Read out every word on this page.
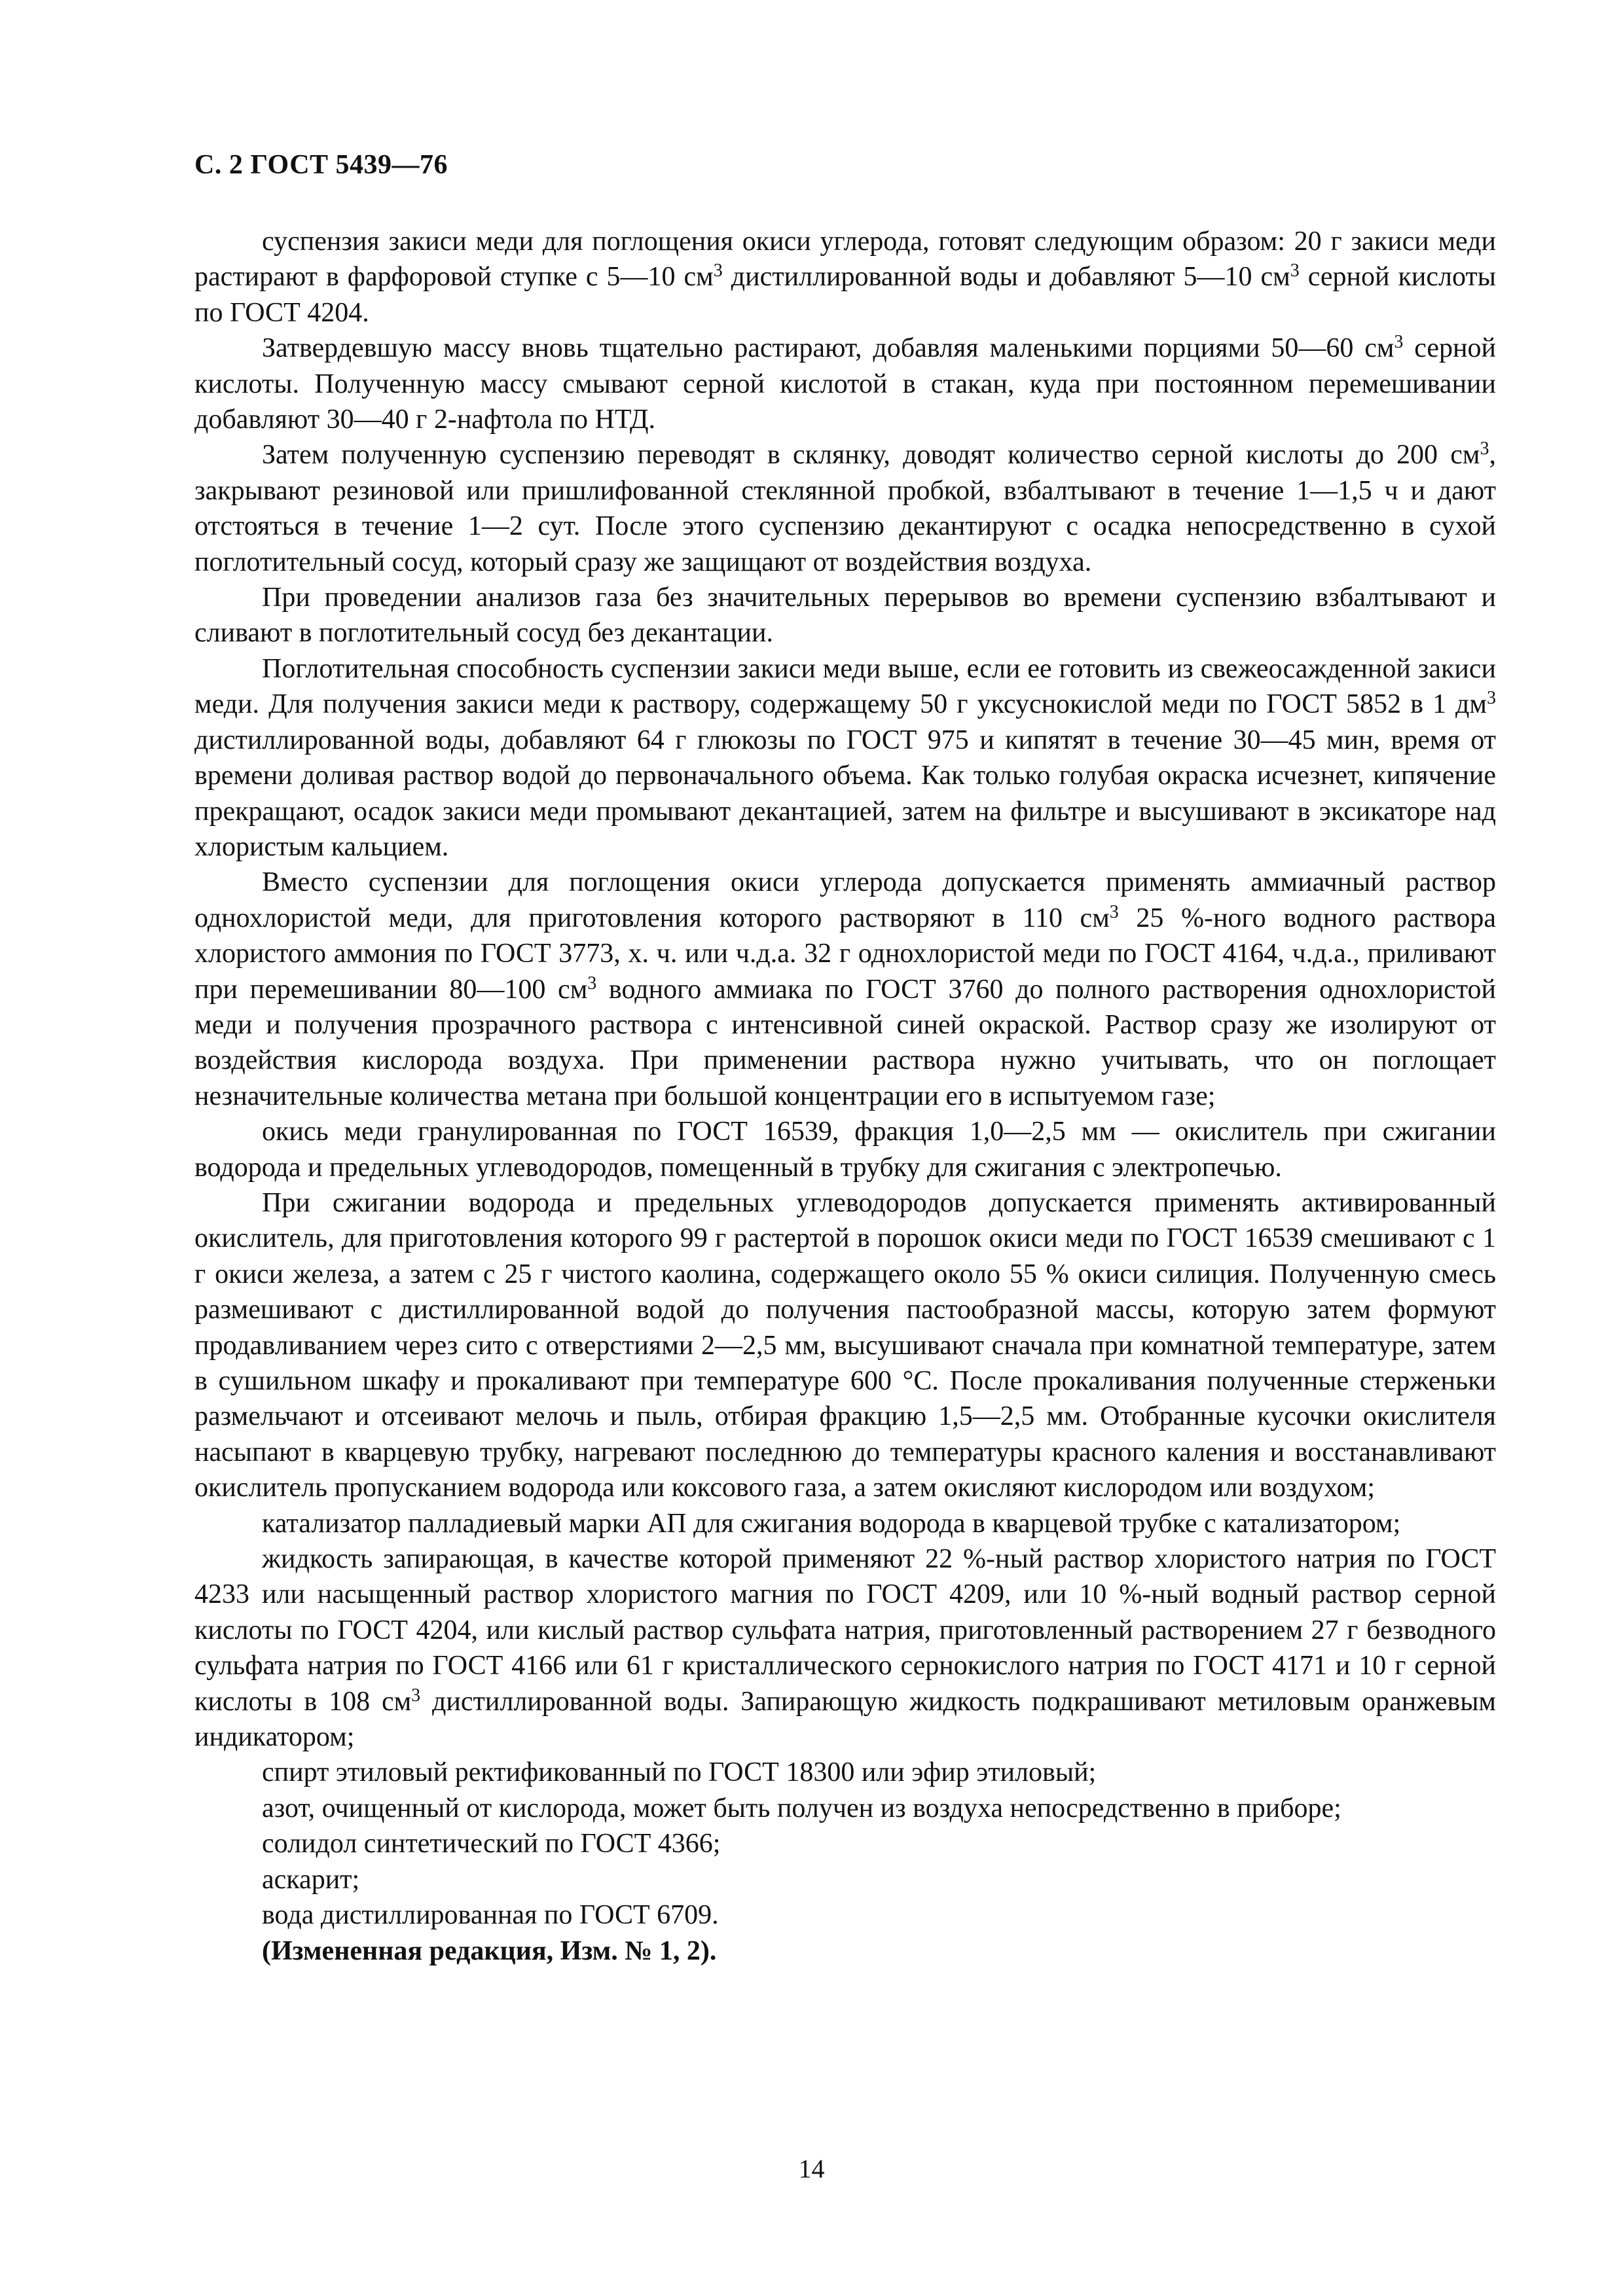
С. 2 ГОСТ 5439—76

суспензия закиси меди для поглощения окиси углерода, готовят следующим образом: 20 г закиси меди растирают в фарфоровой ступке с 5—10 $см^3$ дистиллированной воды и добавляют 5—10 $см^3$ серной кислоты по ГОСТ 4204.

Затвердевшую массу вновь тщательно растирают, добавляя маленькими порциями 50—60 $см^3$ серной кислоты. Полученную массу смывают серной кислотой в стакан, куда при постоянном перемешивании добавляют 30—40 г 2-нафтола по НТД.

Затем полученную суспензию переводят в склянку, доводят количество серной кислоты до 200 $см^3$, закрывают резиновой или пришлифованной стеклянной пробкой, взбалтывают в течение 1—1,5 ч и дают отстояться в течение 1—2 сут. После этого суспензию декантируют с осадка непосредственно в сухой поглотительный сосуд, который сразу же защищают от воздействия воздуха.

При проведении анализов газа без значительных перерывов во времени суспензию взбалтывают и сливают в поглотительный сосуд без декантации.

Поглотительная способность суспензии закиси меди выше, если ее готовить из свежеосажденной закиси меди. Для получения закиси меди к раствору, содержащему 50 г уксуснокислой меди по ГОСТ 5852 в 1 $дм^3$ дистиллированной воды, добавляют 64 г глюкозы по ГОСТ 975 и кипятят в течение 30—45 мин, время от времени доливая раствор водой до первоначального объема. Как только голубая окраска исчезнет, кипячение прекращают, осадок закиси меди промывают декантацией, затем на фильтре и высушивают в эксикаторе над хлористым кальцием.

Вместо суспензии для поглощения окиси углерода допускается применять аммиачный раствор однохлористой меди, для приготовления которого растворяют в 110 $см^3$ 25 %-ного водного раствора хлористого аммония по ГОСТ 3773, х. ч. или ч.д.а. 32 г однохлористой меди по ГОСТ 4164, ч.д.а., приливают при перемешивании 80—100 $см^3$ водного аммиака по ГОСТ 3760 до полного растворения однохлористой меди и получения прозрачного раствора с интенсивной синей окраской. Раствор сразу же изолируют от воздействия кислорода воздуха. При применении раствора нужно учитывать, что он поглощает незначительные количества метана при большой концентрации его в испытуемом газе;

окись меди гранулированная по ГОСТ 16539, фракция 1,0—2,5 мм — окислитель при сжигании водорода и предельных углеводородов, помещенный в трубку для сжигания с электропечью.

При сжигании водорода и предельных углеводородов допускается применять активированный окислитель, для приготовления которого 99 г растертой в порошок окиси меди по ГОСТ 16539 смешивают с 1 г окиси железа, а затем с 25 г чистого каолина, содержащего около 55 % окиси силиция. Полученную смесь размешивают с дистиллированной водой до получения пастообразной массы, которую затем формуют продавливанием через сито с отверстиями 2—2,5 мм, высушивают сначала при комнатной температуре, затем в сушильном шкафу и прокаливают при температуре 600 °С. После прокаливания полученные стерженьки размельчают и отсеивают мелочь и пыль, отбирая фракцию 1,5—2,5 мм. Отобранные кусочки окислителя насыпают в кварцевую трубку, нагревают последнюю до температуры красного каления и восстанавливают окислитель пропусканием водорода или коксового газа, а затем окисляют кислородом или воздухом;

катализатор палладиевый марки АП для сжигания водорода в кварцевой трубке с катализатором;

жидкость запирающая, в качестве которой применяют 22 %-ный раствор хлористого натрия по ГОСТ 4233 или насыщенный раствор хлористого магния по ГОСТ 4209, или 10 %-ный водный раствор серной кислоты по ГОСТ 4204, или кислый раствор сульфата натрия, приготовленный растворением 27 г безводного сульфата натрия по ГОСТ 4166 или 61 г кристаллического сернокислого натрия по ГОСТ 4171 и 10 г серной кислоты в 108 $см^3$ дистиллированной воды. Запирающую жидкость подкрашивают метиловым оранжевым индикатором;

спирт этиловый ректификованный по ГОСТ 18300 или эфир этиловый;

азот, очищенный от кислорода, может быть получен из воздуха непосредственно в приборе;

солидол синтетический по ГОСТ 4366;

аскарит;

вода дистиллированная по ГОСТ 6709.

(Измененная редакция, Изм. № 1, 2).

14
